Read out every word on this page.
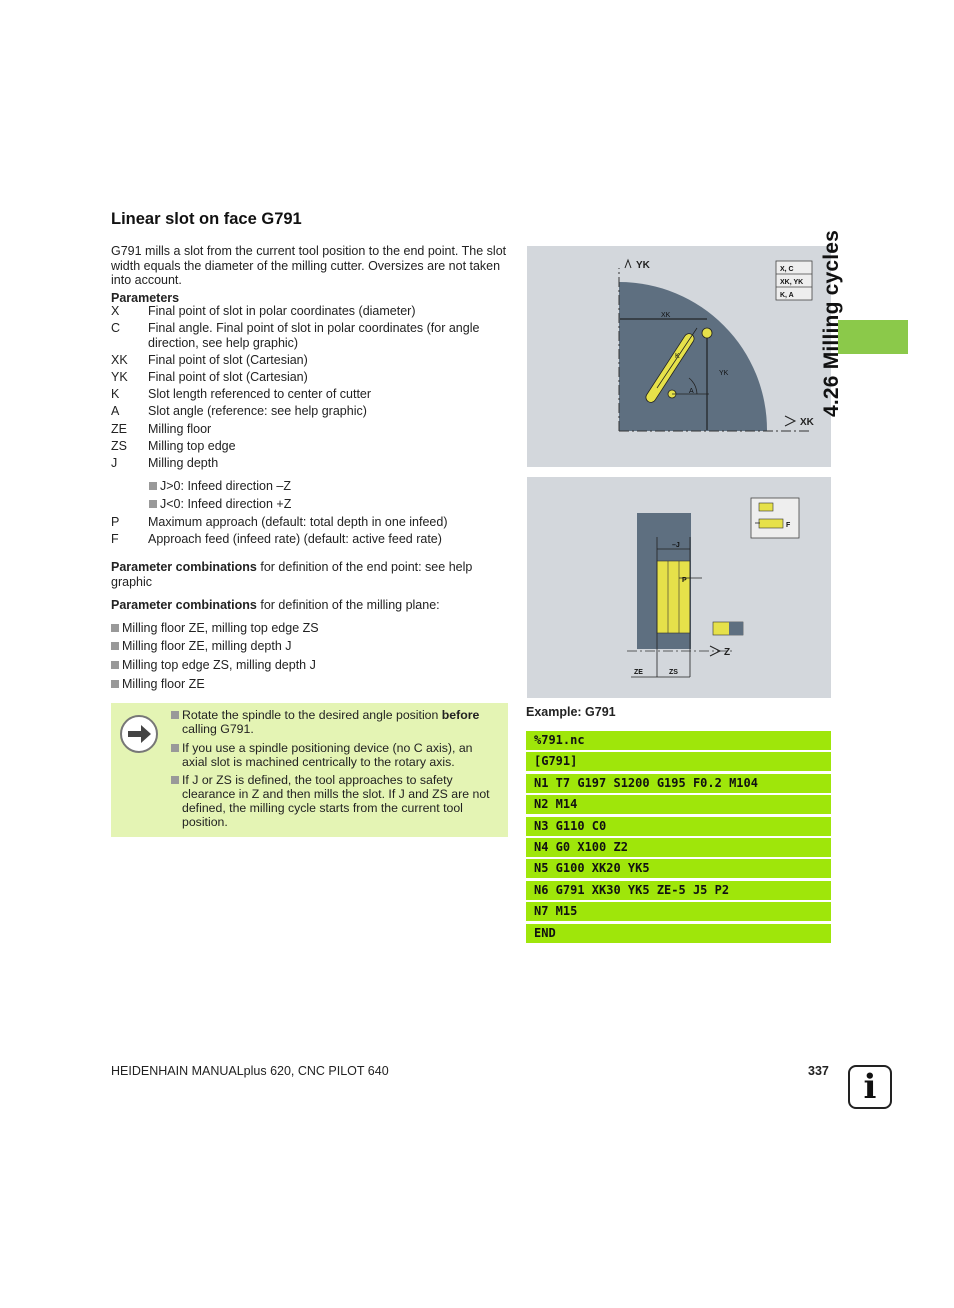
Linear slot on face G791
G791 mills a slot from the current tool position to the end point. The slot width equals the diameter of the milling cutter. Oversizes are not taken into account.
Parameters
X	Final point of slot in polar coordinates (diameter)
C	Final angle. Final point of slot in polar coordinates (for angle direction, see help graphic)
XK	Final point of slot (Cartesian)
YK	Final point of slot (Cartesian)
K	Slot length referenced to center of cutter
A	Slot angle (reference: see help graphic)
ZE	Milling floor
ZS	Milling top edge
J	Milling depth
J>0: Infeed direction –Z
J<0: Infeed direction +Z
P	Maximum approach (default: total depth in one infeed)
F	Approach feed (infeed rate) (default: active feed rate)
Parameter combinations for definition of the end point: see help graphic
Parameter combinations for definition of the milling plane:
Milling floor ZE, milling top edge ZS
Milling floor ZE, milling depth J
Milling top edge ZS, milling depth J
Milling floor ZE
Rotate the spindle to the desired angle position before calling G791.
If you use a spindle positioning device (no C axis), an axial slot is machined centrically to the rotary axis.
If J or ZS is defined, the tool approaches to safety clearance in Z and then mills the slot. If J and ZS are not defined, the milling cycle starts from the current tool position.
YK
XK
XK
YK
K
A
X, C
XK, YK
K, A
–J
P
Z
ZE	ZS
F
Example: G791
%791.nc
[G791]
N1 T7 G197 S1200 G195 F0.2 M104
N2 M14
N3 G110 C0
N4 G0 X100 Z2
N5 G100 XK20 YK5
N6 G791 XK30 YK5 ZE-5 J5 P2
N7 M15
END
4.26 Milling cycles
HEIDENHAIN MANUALplus 620, CNC PILOT 640	337	i
